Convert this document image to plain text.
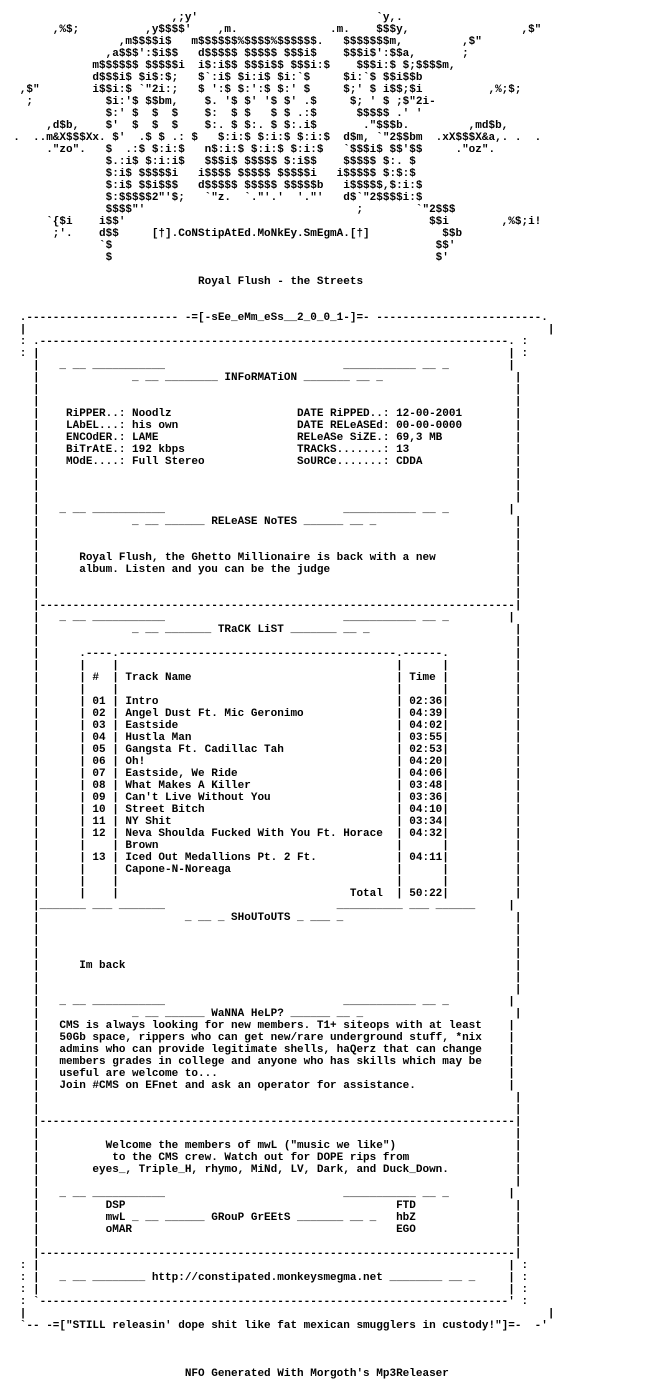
,;y'                           `y,.
,%$;          ,y$$$$'    ,m.              .m.    $$$y,                 ,$"
,m$$$$i$   m$$$$$$%$$$$%$$$$$$.   $$$$$$$m,         ,$"
,a$$$':$i$$   d$$$$$ $$$$$ $$$i$    $$$i$':$$a,       ;
m$$$$$$ $$$$$i  i$:i$$ $$$i$$ $$$i:$    $$$i:$ $;$$$$m,
d$$$i$ $i$:$;   $`:i$ $i:i$ $i:`$     $i:`$ $$i$$b
,$"        i$$i:$ `"2i:;   $ ':$ $:':$ $:' $     $;' $ i$$;$i          ,%;$;
;           $i:'$ $$bm,    $. '$ $' '$ $' .$     $; ' $ ;$"2i-
$:' $  $  $    $:  $ $   $ $ .:$      $$$$$ .' '
,d$b,    $'  $  $  $    $:. $ $:. $ $:.i$       ."$$$b.         ,md$b,
.  ..m&X$$$Xx. $'  .$ $ .: $   $:i:$ $:i:$ $:i:$  d$m, `"2$$bm  .xX$$$X&a,. .  .
."zo".   $  .:$ $:i:$   n$:i:$ $:i:$ $:i:$   `$$$i$ $$'$$     ."oz".
$.:i$ $:i:i$   $$$i$ $$$$$ $:i$$    $$$$$ $:. $
$:i$ $$$$$i   i$$$$ $$$$$ $$$$$i   i$$$$$ $:$:$
$:i$ $$i$$$   d$$$$$ $$$$$ $$$$$b   i$$$$$,$:i:$
$:$$$$$2"'$;   `"z.  `."'.'  '."'   d$`"2$$$$i:$
$$$$"'                                ;        `"2$$$
`{$i    i$$'                                              $$i        ,%$;i!
;'.    d$$     [†].CoNStipAtEd.MoNkEy.SmEgmA.[†]           $$b
`$                                                 $$'
$                                                 $'

Royal Flush - the Streets

.----------------------- -=[-sEe_eMm_eSs__2_0_0_1-]=- -------------------------.
|                                                                               |
: .-----------------------------------------------------------------------. :
: |                                                                       | :
|   _ __ ___________                           ___________ __ _         |
|              _ __ ________ INFoRMATiON _______ __ _                    |
|                                                                        |
|                                                                        |
|    RiPPER..: Noodlz                   DATE RiPPED..: 12-00-2001        |
|    LAbEL...: his own                  DATE RELeASEd: 00-00-0000        |
|    ENCOdER.: LAME                     RELeASe SiZE.: 69,3 MB           |
|    BiTrAtE.: 192 kbps                 TRACkS.......: 13                |
|    MOdE....: Full Stereo              SoURCe.......: CDDA              |
|                                                                        |
|                                                                        |
|                                                                        |
|   _ __ ___________                           ___________ __ _         |
|              _ __ ______ RELeASE NoTES ______ __ _                     |
|                                                                        |
|                                                                        |
|      Royal Flush, the Ghetto Millionaire is back with a new            |
|      album. Listen and you can be the judge                            |
|                                                                        |
|                                                                        |
|------------------------------------------------------------------------|
|   _ __ ___________                           ___________ __ _         |
|              _ __ _______ TRaCK LiST _______ __ _                      |
|                                                                        |
|      .----.------------------------------------------.------.          |
|      |    |                                          |      |          |
|      | #  | Track Name                               | Time |          |
|      |    |                                          |      |          |
|      | 01 | Intro                                    | 02:36|          |
|      | 02 | Angel Dust Ft. Mic Geronimo              | 04:39|          |
|      | 03 | Eastside                                 | 04:02|          |
|      | 04 | Hustla Man                               | 03:55|          |
|      | 05 | Gangsta Ft. Cadillac Tah                 | 02:53|          |
|      | 06 | Oh!                                      | 04:20|          |
|      | 07 | Eastside, We Ride                        | 04:06|          |
|      | 08 | What Makes A Killer                      | 03:48|          |
|      | 09 | Can't Live Without You                   | 03:36|          |
|      | 10 | Street Bitch                             | 04:10|          |
|      | 11 | NY Shit                                  | 03:34|          |
|      | 12 | Neva Shoulda Fucked With You Ft. Horace  | 04:32|          |
|      |    | Brown                                    |      |          |
|      | 13 | Iced Out Medallions Pt. 2 Ft.            | 04:11|          |
|      |    | Capone-N-Noreaga                         |      |          |
|      |    |                                          |      |          |
|      |    |                                   Total  | 50:22|          |
|_______ ___ _______                          __________ ___ ______     |
|                      _ __ _ SHoUToUTS _ ___ _                          |
|                                                                        |
|                                                                        |
|                                                                        |
|      Im back                                                           |
|                                                                        |
|                                                                        |
|   _ __ ___________                           ___________ __ _         |
|              _ __ ______ WaNNA HeLP? ______ __ _                       |
|   CMS is always looking for new members. T1+ siteops with at least    |
|   50Gb space, rippers who can get new/rare underground stuff, *nix    |
|   admins who can provide legitimate shells, haQerz that can change    |
|   members grades in college and anyone who has skills which may be    |
|   useful are welcome to...                                            |
|   Join #CMS on EFnet and ask an operator for assistance.              |
|                                                                        |
|                                                                        |
|------------------------------------------------------------------------|
|                                                                        |
|          Welcome the members of mwL ("music we like")                  |
|           to the CMS crew. Watch out for DOPE rips from                |
|        eyes_, Triple_H, rhymo, MiNd, LV, Dark, and Duck_Down.          |
|                                                                        |
|   _ __ ___________                           ___________ __ _         |
|          DSP                                         FTD               |
|          mwL _ __ ______ GRouP GrEEtS _______ __ _   hbZ               |
|          oMAR                                        EGO               |
|                                                                        |
|------------------------------------------------------------------------|
: |                                                                       | :
: |   _ __ ________ http://constipated.monkeysmegma.net ________ __ _     | :
: |                                                                       | :
: `-----------------------------------------------------------------------' :
|                                                                               |
`-- -=["STILL releasin' dope shit like fat mexican smugglers in custody!"]=-  -'

NFO Generated With Morgoth's Mp3Releaser
